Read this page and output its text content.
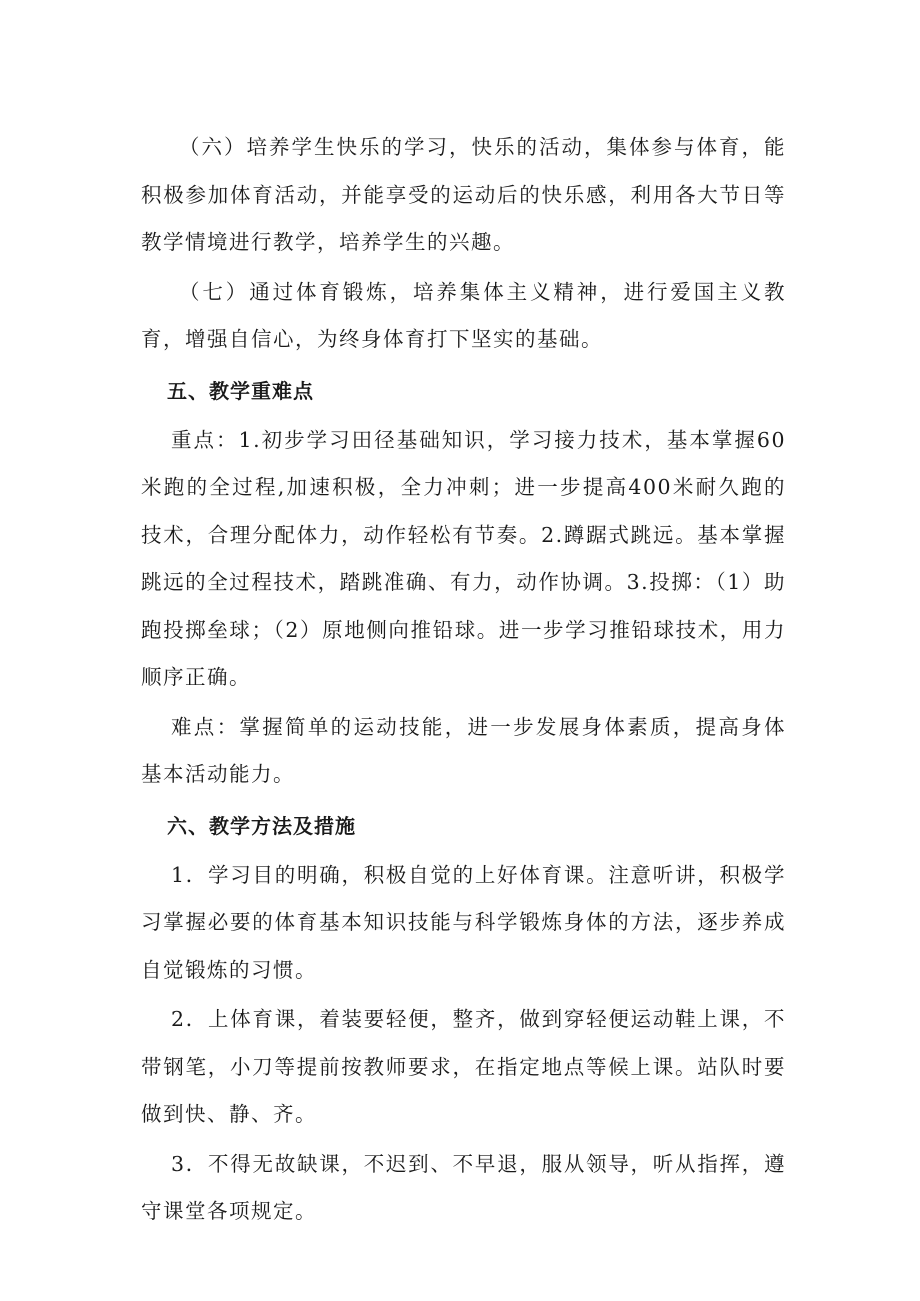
（六）培养学生快乐的学习，快乐的活动，集体参与体育，能积极参加体育活动，并能享受的运动后的快乐感，利用各大节日等教学情境进行教学，培养学生的兴趣。

（七）通过体育锻炼，培养集体主义精神，进行爱国主义教育，增强自信心，为终身体育打下坚实的基础。

五、教学重难点

重点：1.初步学习田径基础知识，学习接力技术，基本掌握60米跑的全过程,加速积极，全力冲刺；进一步提高400米耐久跑的技术，合理分配体力，动作轻松有节奏。2.蹲踞式跳远。基本掌握跳远的全过程技术，踏跳准确、有力，动作协调。3.投掷：（1）助跑投掷垒球；（2）原地侧向推铅球。进一步学习推铅球技术，用力顺序正确。

难点：掌握简单的运动技能，进一步发展身体素质，提高身体基本活动能力。

六、教学方法及措施

1．学习目的明确，积极自觉的上好体育课。注意听讲，积极学习掌握必要的体育基本知识技能与科学锻炼身体的方法，逐步养成自觉锻炼的习惯。

2．上体育课，着装要轻便，整齐，做到穿轻便运动鞋上课，不带钢笔，小刀等提前按教师要求，在指定地点等候上课。站队时要做到快、静、齐。

3．不得无故缺课，不迟到、不早退，服从领导，听从指挥，遵守课堂各项规定。
